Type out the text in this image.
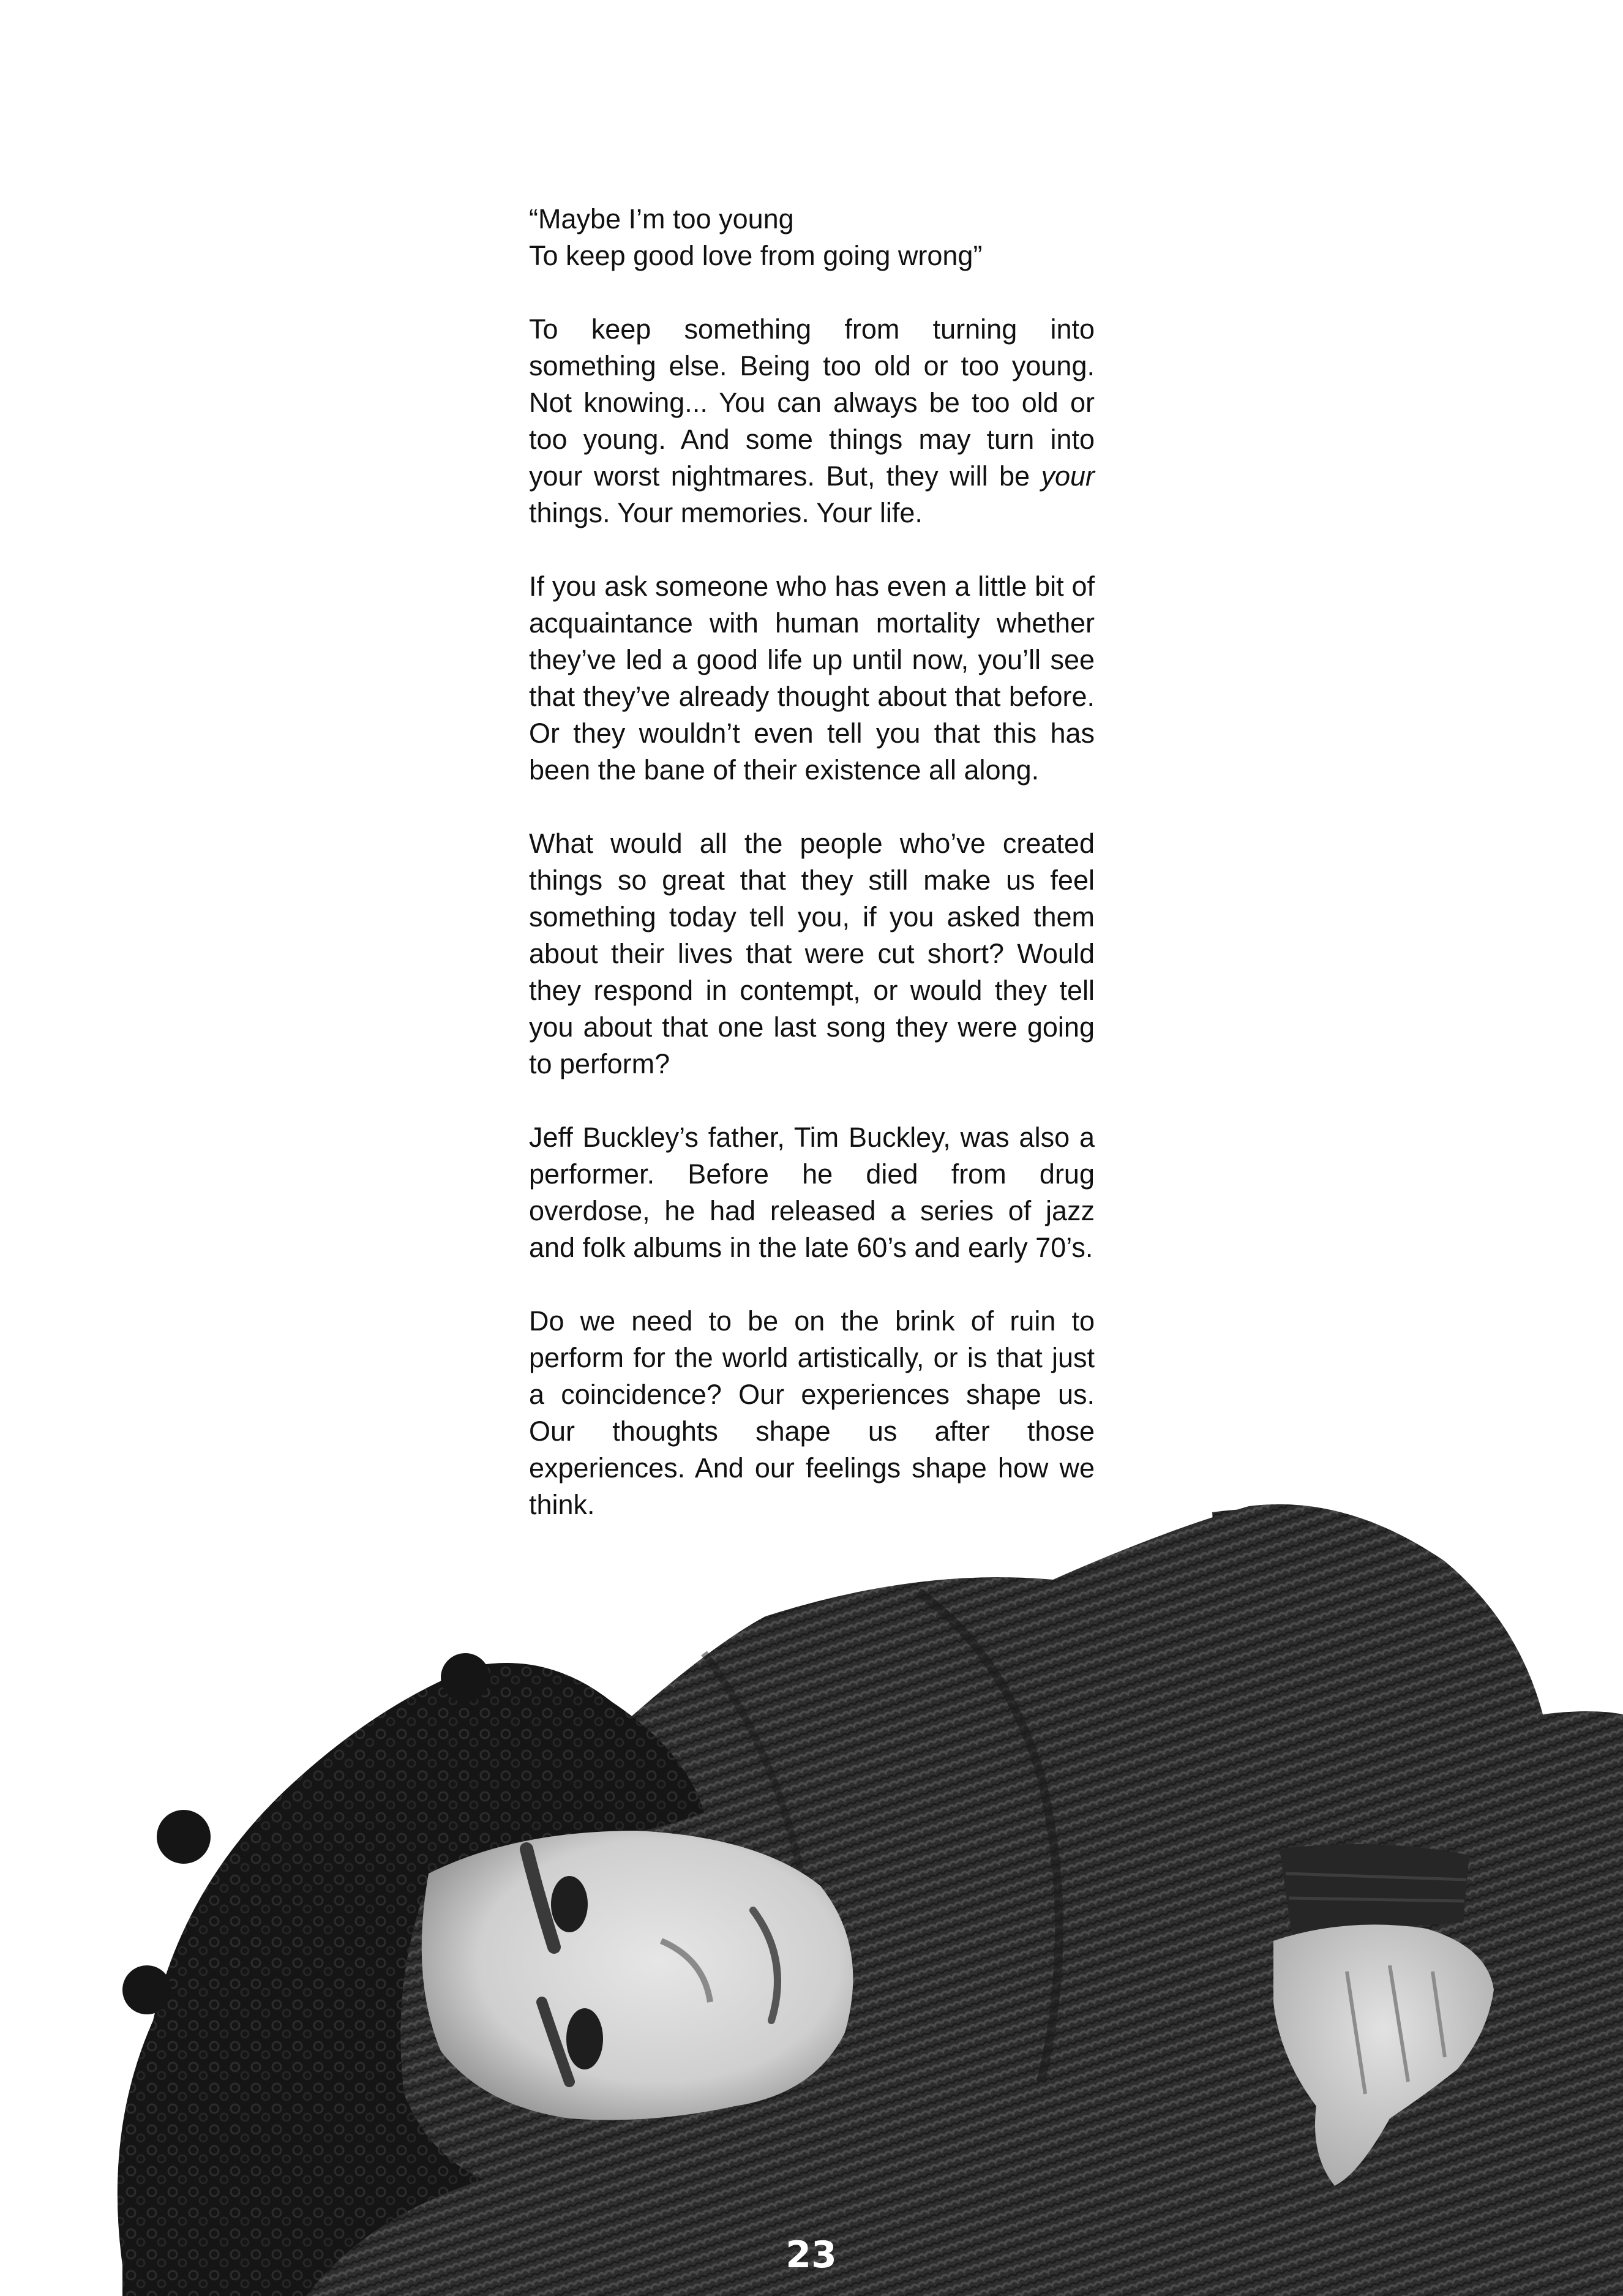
“Maybe I’m too young
To keep good love from going wrong”

To keep something from turning into something else. Being too old or too young. Not knowing... You can always be too old or too young. And some things may turn into your worst nightmares. But, they will be your things. Your memories. Your life.

If you ask someone who has even a little bit of acquaintance with human mortality whether they’ve led a good life up until now, you’ll see that they’ve already thought about that before. Or they wouldn’t even tell you that this has been the bane of their existence all along.

What would all the people who’ve created things so great that they still make us feel something today tell you, if you asked them about their lives that were cut short? Would they respond in contempt, or would they tell you about that one last song they were going to perform?

Jeff Buckley’s father, Tim Buckley, was also a performer. Before he died from drug overdose, he had released a series of jazz and folk albums in the late 60’s and early 70’s.

Do we need to be on the brink of ruin to perform for the world artistically, or is that just a coincidence? Our experiences shape us. Our thoughts shape us after those experiences. And our feelings shape how we think.

23
